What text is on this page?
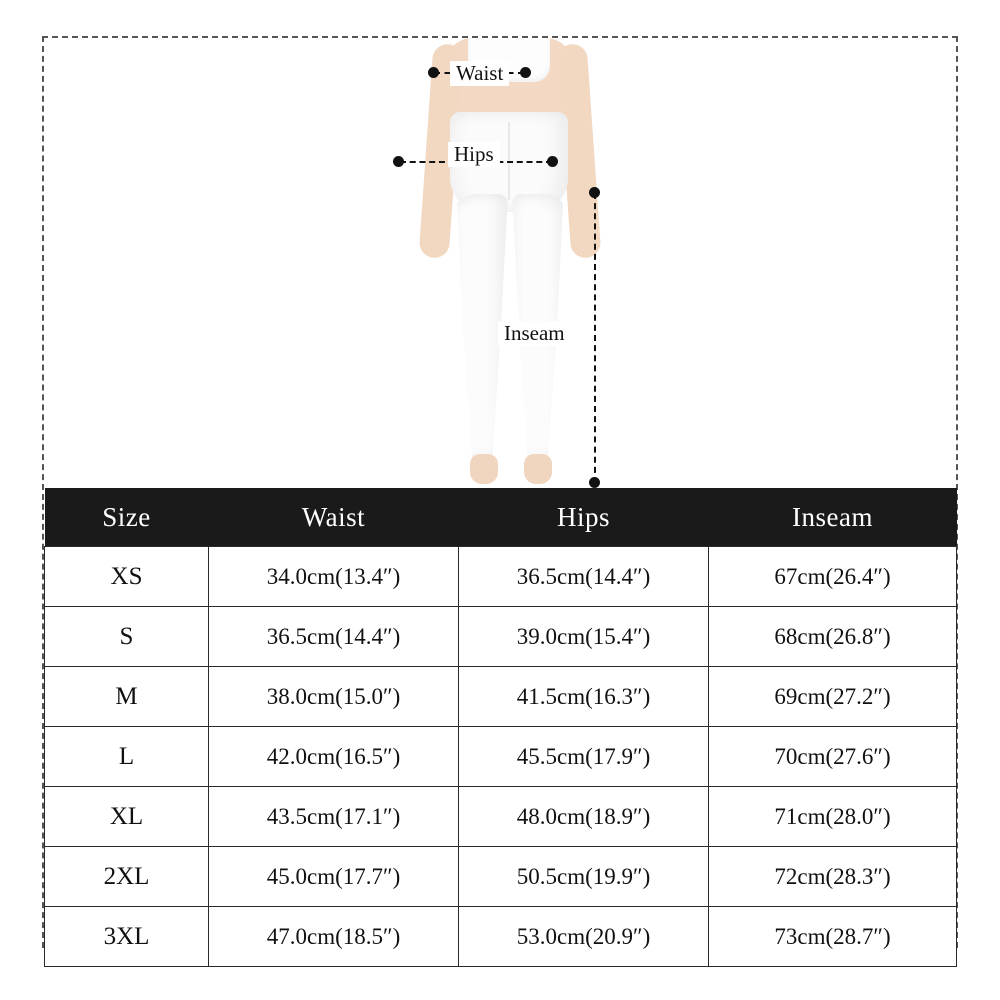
Waist
Hips
Inseam
Size	Waist	Hips	Inseam
XS	34.0cm(13.4″)	36.5cm(14.4″)	67cm(26.4″)
S	36.5cm(14.4″)	39.0cm(15.4″)	68cm(26.8″)
M	38.0cm(15.0″)	41.5cm(16.3″)	69cm(27.2″)
L	42.0cm(16.5″)	45.5cm(17.9″)	70cm(27.6″)
XL	43.5cm(17.1″)	48.0cm(18.9″)	71cm(28.0″)
2XL	45.0cm(17.7″)	50.5cm(19.9″)	72cm(28.3″)
3XL	47.0cm(18.5″)	53.0cm(20.9″)	73cm(28.7″)
